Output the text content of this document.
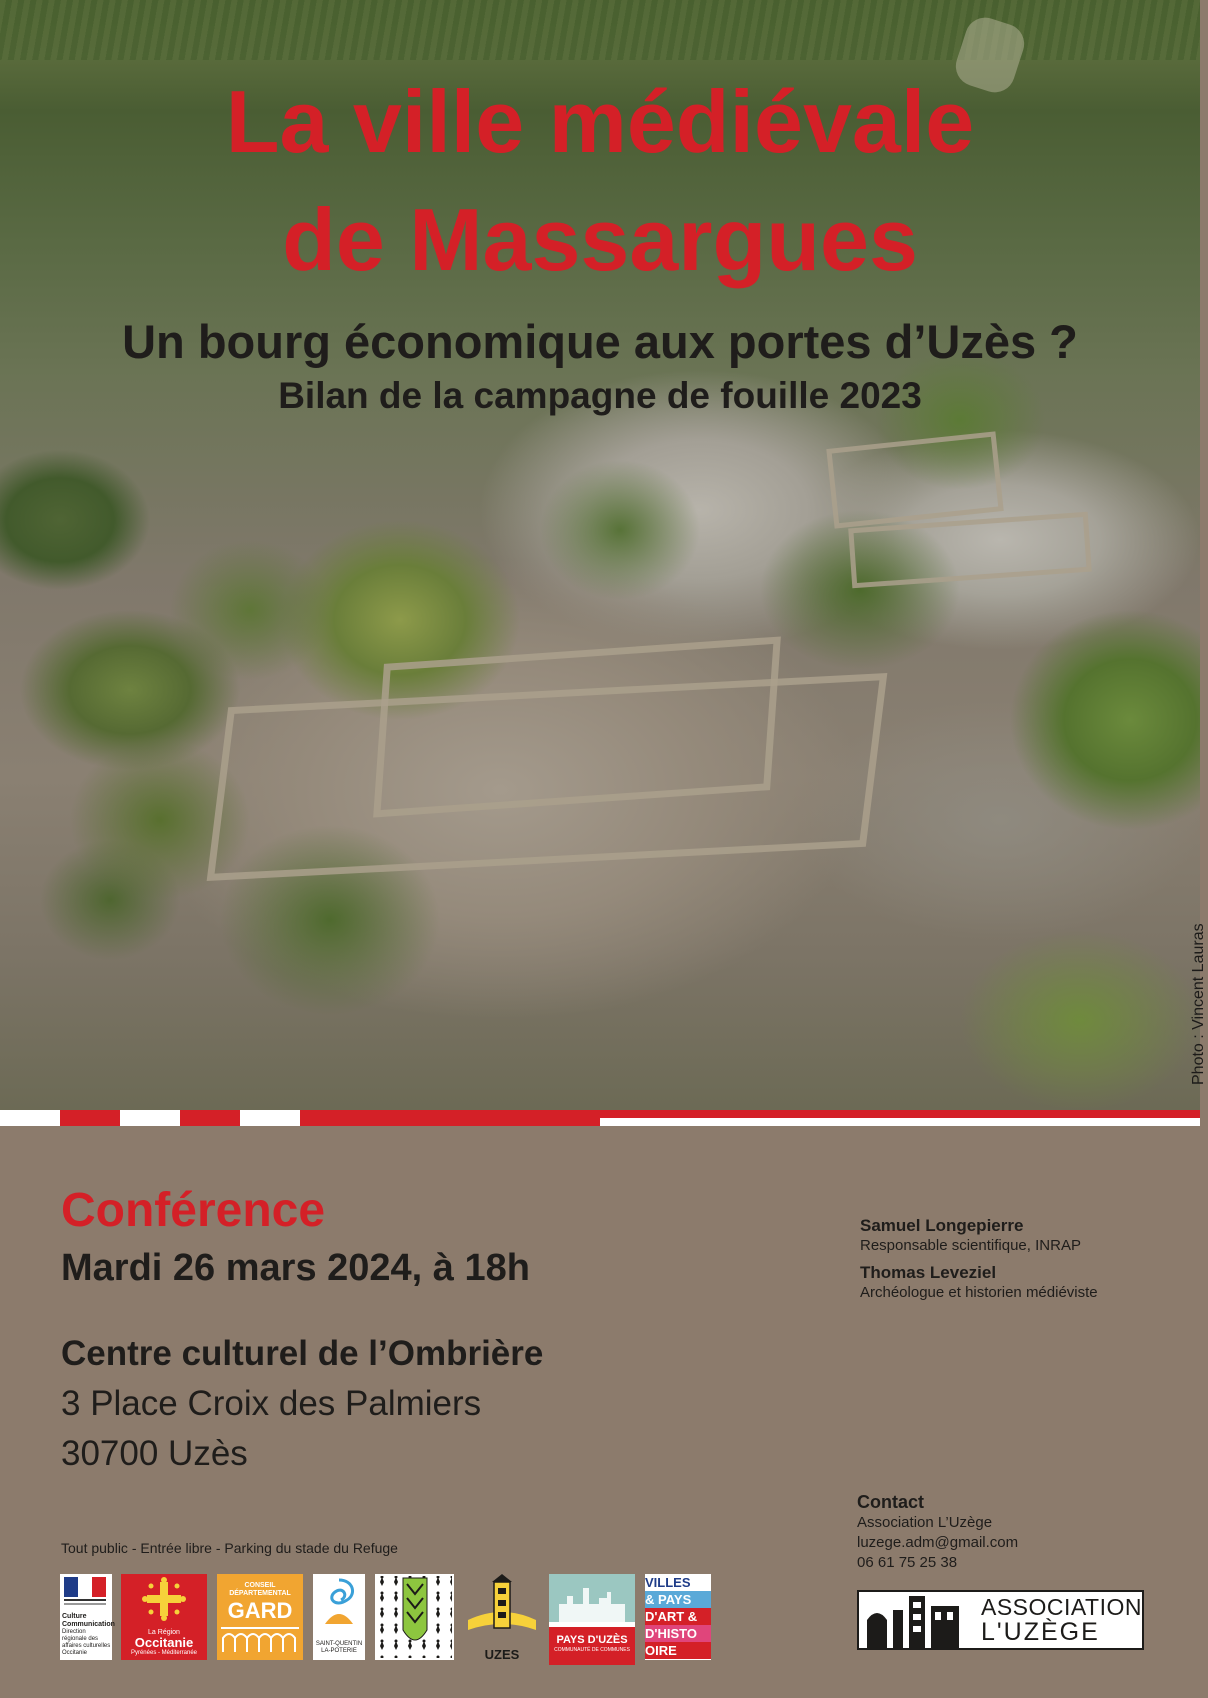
La ville médiévale
de Massargues
Un bourg économique aux portes d’Uzès ?
Bilan de la campagne de fouille 2023
Photo : Vincent Lauras
Conférence
Mardi 26 mars 2024, à 18h
Centre culturel de l’Ombrière
3 Place Croix des Palmiers
30700 Uzès
Samuel Longepierre
Responsable scientifique, INRAP
Thomas Leveziel
Archéologue et historien médiéviste
Contact
Association L’Uzège
luzege.adm@gmail.com
06 61 75 25 38
Tout public - Entrée libre - Parking du stade du Refuge
Culture Communication
Direction régionale des affaires culturelles Occitanie
La Région
Occitanie
Pyrénées - Méditerranée
CONSEIL DÉPARTEMENTAL
GARD
SAINT-QUENTIN LA-POTERIE	UZES
PAYS D'UZÈS
COMMUNAUTÉ DE COMMUNES
VILLES
& PAYS
D'ART &
D'HISTO
OIRE
ASSOCIATION
L'UZÈGE
